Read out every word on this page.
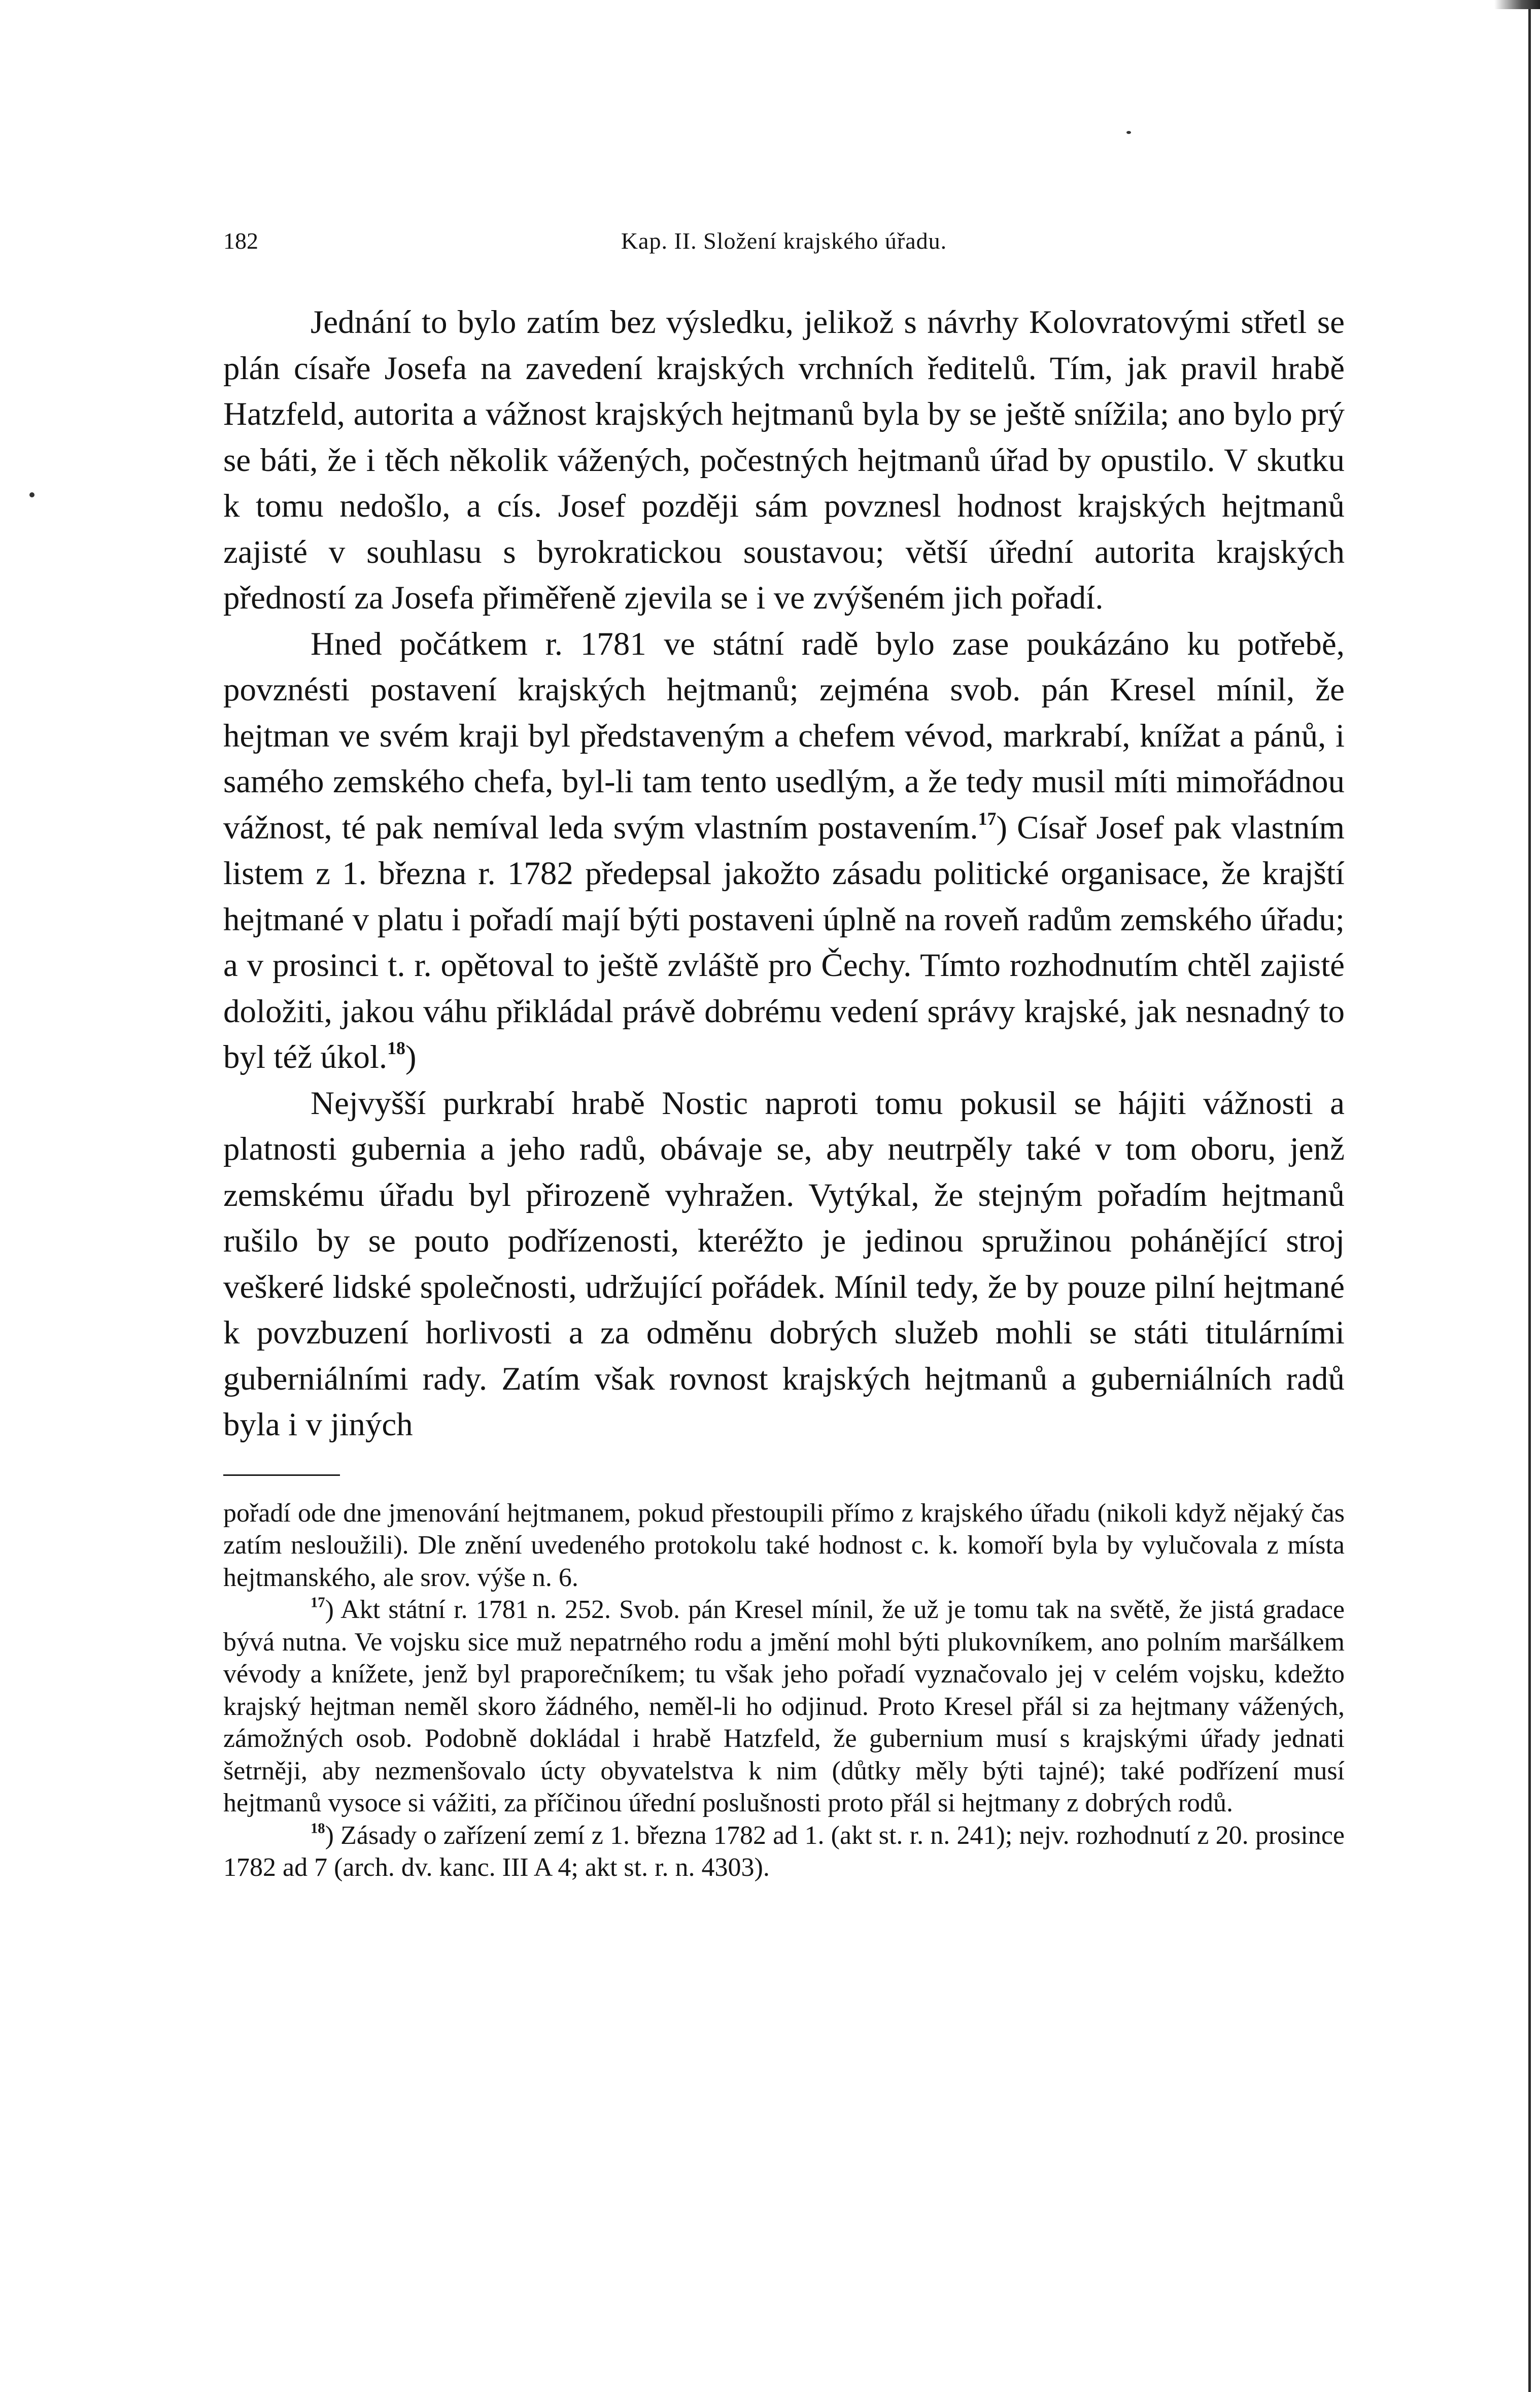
182	Kap. II. Složení krajského úřadu.

Jednání to bylo zatím bez výsledku, jelikož s návrhy Kolovratovými střetl se plán císaře Josefa na zavedení krajských vrchních ředitelů. Tím, jak pravil hrabě Hatzfeld, autorita a vážnost krajských hejtmanů byla by se ještě snížila; ano bylo prý se báti, že i těch několik vážených, počestných hejtmanů úřad by opustilo. V skutku k tomu nedošlo, a cís. Josef později sám povznesl hodnost krajských hejtmanů zajisté v souhlasu s byrokratickou soustavou; větší úřední autorita krajských předností za Josefa přiměřeně zjevila se i ve zvýšeném jich pořadí.

Hned počátkem r. 1781 ve státní radě bylo zase poukázáno ku potřebě, povznésti postavení krajských hejtmanů; zejména svob. pán Kresel mínil, že hejtman ve svém kraji byl představeným a chefem vévod, markrabí, knížat a pánů, i samého zemského chefa, byl-li tam tento usedlým, a že tedy musil míti mimořádnou vážnost, té pak nemíval leda svým vlastním postavením.$^{17}$) Císař Josef pak vlastním listem z 1. března r. 1782 předepsal jakožto zásadu politické organisace, že krajští hejtmané v platu i pořadí mají býti postaveni úplně na roveň radům zemského úřadu; a v prosinci t. r. opětoval to ještě zvláště pro Čechy. Tímto rozhodnutím chtěl zajisté doložiti, jakou váhu přikládal právě dobrému vedení správy krajské, jak nesnadný to byl též úkol.$^{18}$)

Nejvyšší purkrabí hrabě Nostic naproti tomu pokusil se hájiti vážnosti a platnosti gubernia a jeho radů, obávaje se, aby neutrpěly také v tom oboru, jenž zemskému úřadu byl přirozeně vyhražen. Vytýkal, že stejným pořadím hejtmanů rušilo by se pouto podřízenosti, kteréžto je jedinou spružinou pohánějící stroj veškeré lidské společnosti, udržující pořádek. Mínil tedy, že by pouze pilní hejtmané k povzbuzení horlivosti a za odměnu dobrých služeb mohli se státi titulárními guberniálními rady. Zatím však rovnost krajských hejtmanů a guberniálních radů byla i v jiných

pořadí ode dne jmenování hejtmanem, pokud přestoupili přímo z krajského úřadu (nikoli když nějaký čas zatím nesloužili). Dle znění uvedeného protokolu také hodnost c. k. komoří byla by vylučovala z místa hejtmanského, ale srov. výše n. 6.

$^{17}$) Akt státní r. 1781 n. 252. Svob. pán Kresel mínil, že už je tomu tak na světě, že jistá gradace bývá nutna. Ve vojsku sice muž nepatrného rodu a jmění mohl býti plukovníkem, ano polním maršálkem vévody a knížete, jenž byl praporečníkem; tu však jeho pořadí vyznačovalo jej v celém vojsku, kdežto krajský hejtman neměl skoro žádného, neměl-li ho odjinud. Proto Kresel přál si za hejtmany vážených, zámožných osob. Podobně dokládal i hrabě Hatzfeld, že gubernium musí s krajskými úřady jednati šetrněji, aby nezmenšovalo úcty obyvatelstva k nim (důtky měly býti tajné); také podřízení musí hejtmanů vysoce si vážiti, za příčinou úřední poslušnosti proto přál si hejtmany z dobrých rodů.

$^{18}$) Zásady o zařízení zemí z 1. března 1782 ad 1. (akt st. r. n. 241); nejv. rozhodnutí z 20. prosince 1782 ad 7 (arch. dv. kanc. III A 4; akt st. r. n. 4303).
